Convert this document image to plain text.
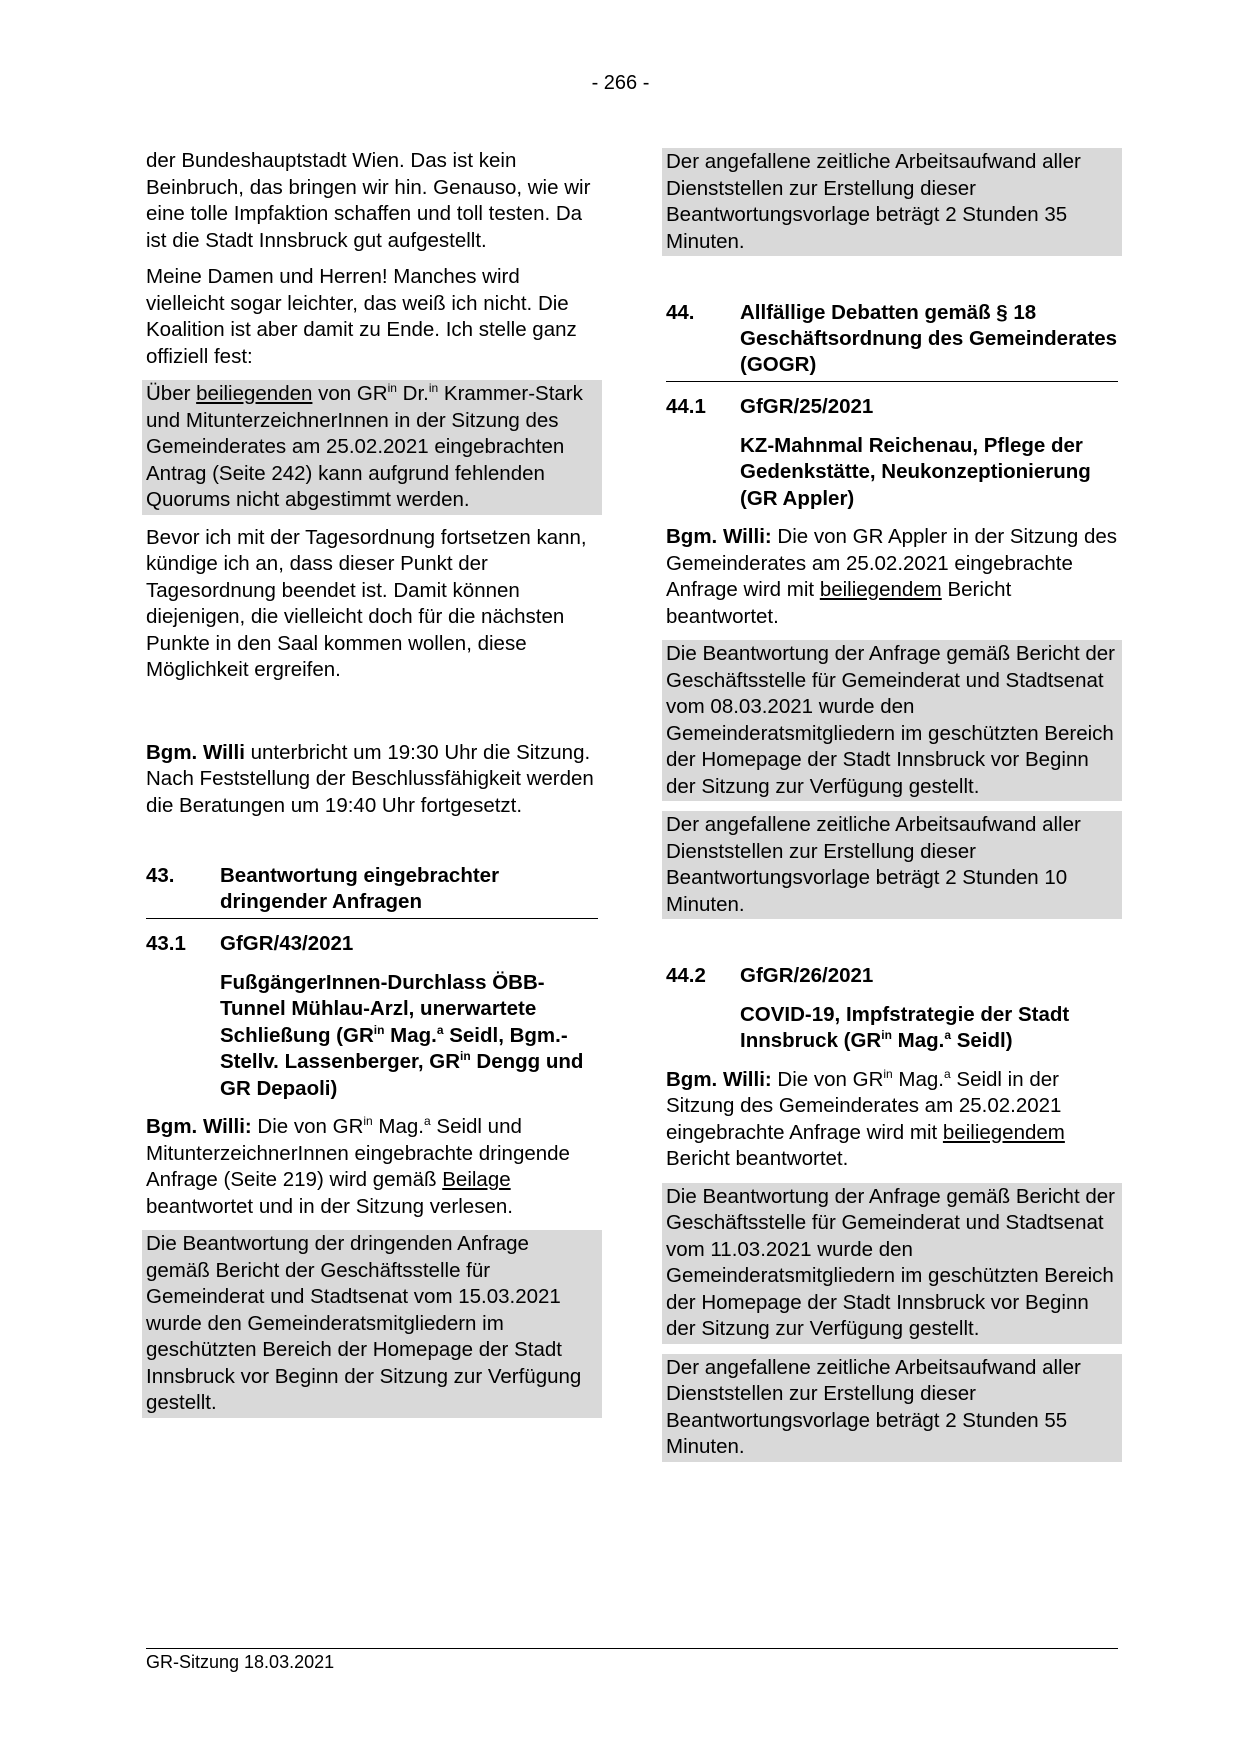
- 266 -

der Bundeshauptstadt Wien. Das ist kein Beinbruch, das bringen wir hin. Genauso, wie wir eine tolle Impfaktion schaffen und toll testen. Da ist die Stadt Innsbruck gut aufgestellt.

Meine Damen und Herren! Manches wird vielleicht sogar leichter, das weiß ich nicht. Die Koalition ist aber damit zu Ende. Ich stelle ganz offiziell fest:

Über beiliegenden von $GR^{in}$ Dr.$^{in}$ Krammer-Stark und MitunterzeichnerInnen in der Sitzung des Gemeinderates am 25.02.2021 eingebrachten Antrag (Seite 242) kann aufgrund fehlenden Quorums nicht abgestimmt werden.

Bevor ich mit der Tagesordnung fortsetzen kann, kündige ich an, dass dieser Punkt der Tagesordnung beendet ist. Damit können diejenigen, die vielleicht doch für die nächsten Punkte in den Saal kommen wollen, diese Möglichkeit ergreifen.

Bgm. Willi unterbricht um 19:30 Uhr die Sitzung. Nach Feststellung der Beschlussfähigkeit werden die Beratungen um 19:40 Uhr fortgesetzt.

43.	Beantwortung eingebrachter dringender Anfragen
43.1	GfGR/43/2021
FußgängerInnen-Durchlass ÖBB-Tunnel Mühlau-Arzl, unerwartete Schließung ($GR^{in}$ Mag.$^a$ Seidl, Bgm.-Stellv. Lassenberger, $GR^{in}$ Dengg und GR Depaoli)

Bgm. Willi: Die von $GR^{in}$ Mag.$^a$ Seidl und MitunterzeichnerInnen eingebrachte dringende Anfrage (Seite 219) wird gemäß Beilage beantwortet und in der Sitzung verlesen.

Die Beantwortung der dringenden Anfrage gemäß Bericht der Geschäftsstelle für Gemeinderat und Stadtsenat vom 15.03.2021 wurde den Gemeinderatsmitgliedern im geschützten Bereich der Homepage der Stadt Innsbruck vor Beginn der Sitzung zur Verfügung gestellt.

Der angefallene zeitliche Arbeitsaufwand aller Dienststellen zur Erstellung dieser Beantwortungsvorlage beträgt 2 Stunden 35 Minuten.

44.	Allfällige Debatten gemäß § 18 Geschäftsordnung des Gemeinderates (GOGR)
44.1	GfGR/25/2021
KZ-Mahnmal Reichenau, Pflege der Gedenkstätte, Neukonzeptionierung (GR Appler)

Bgm. Willi: Die von GR Appler in der Sitzung des Gemeinderates am 25.02.2021 eingebrachte Anfrage wird mit beiliegendem Bericht beantwortet.

Die Beantwortung der Anfrage gemäß Bericht der Geschäftsstelle für Gemeinderat und Stadtsenat vom 08.03.2021 wurde den Gemeinderatsmitgliedern im geschützten Bereich der Homepage der Stadt Innsbruck vor Beginn der Sitzung zur Verfügung gestellt.

Der angefallene zeitliche Arbeitsaufwand aller Dienststellen zur Erstellung dieser Beantwortungsvorlage beträgt 2 Stunden 10 Minuten.

44.2	GfGR/26/2021
COVID-19, Impfstrategie der Stadt Innsbruck ($GR^{in}$ Mag.$^a$ Seidl)

Bgm. Willi: Die von $GR^{in}$ Mag.$^a$ Seidl in der Sitzung des Gemeinderates am 25.02.2021 eingebrachte Anfrage wird mit beiliegendem Bericht beantwortet.

Die Beantwortung der Anfrage gemäß Bericht der Geschäftsstelle für Gemeinderat und Stadtsenat vom 11.03.2021 wurde den Gemeinderatsmitgliedern im geschützten Bereich der Homepage der Stadt Innsbruck vor Beginn der Sitzung zur Verfügung gestellt.

Der angefallene zeitliche Arbeitsaufwand aller Dienststellen zur Erstellung dieser Beantwortungsvorlage beträgt 2 Stunden 55 Minuten.

GR-Sitzung 18.03.2021
